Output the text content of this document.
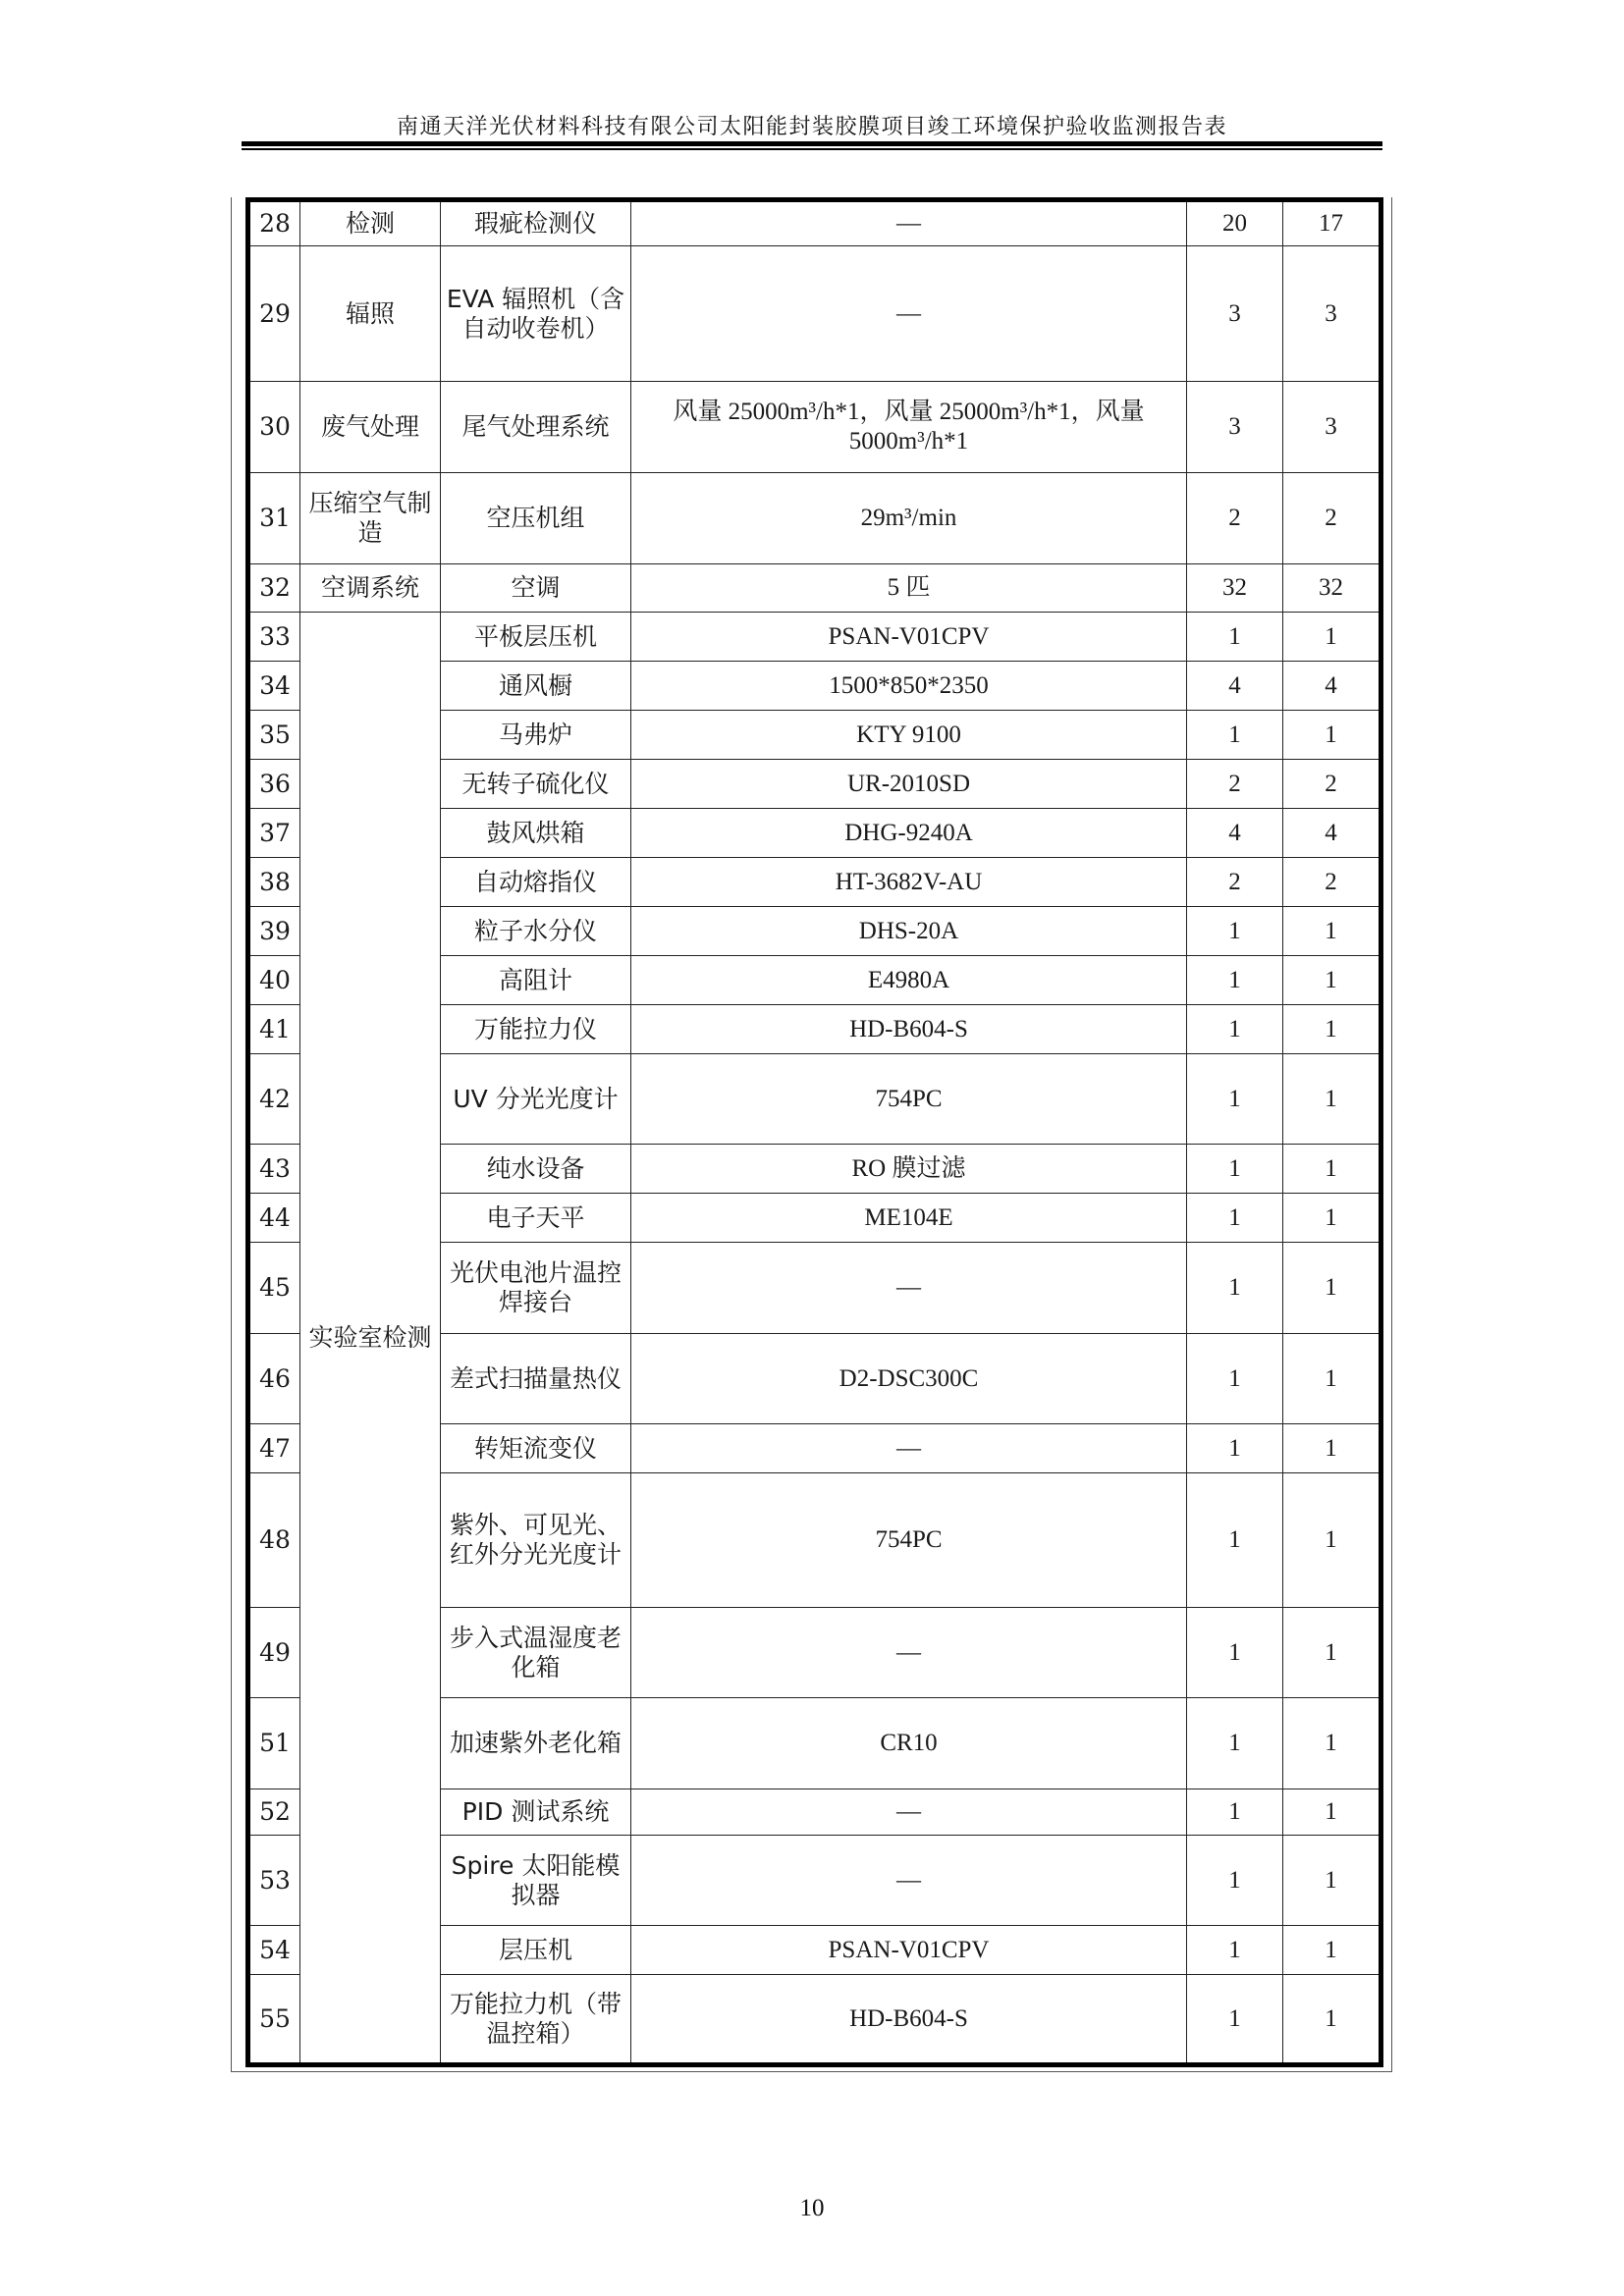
南通天洋光伏材料科技有限公司太阳能封装胶膜项目竣工环境保护验收监测报告表
28	检测	瑕疵检测仪	—	20	17
29	辐照	EVA 辐照机（含自动收卷机）	—	3	3
30	废气处理	尾气处理系统	风量 25000m³/h*1，风量 25000m³/h*1，风量 5000m³/h*1	3	3
31	压缩空气制造	空压机组	29m³/min	2	2
32	空调系统	空调	5 匹	32	32
33	实验室检测	平板层压机	PSAN-V01CPV	1	1
34		通风橱	1500*850*2350	4	4
35		马弗炉	KTY 9100	1	1
36		无转子硫化仪	UR-2010SD	2	2
37		鼓风烘箱	DHG-9240A	4	4
38		自动熔指仪	HT-3682V-AU	2	2
39		粒子水分仪	DHS-20A	1	1
40		高阻计	E4980A	1	1
41		万能拉力仪	HD-B604-S	1	1
42		UV 分光光度计	754PC	1	1
43		纯水设备	RO 膜过滤	1	1
44		电子天平	ME104E	1	1
45		光伏电池片温控焊接台	—	1	1
46		差式扫描量热仪	D2-DSC300C	1	1
47		转矩流变仪	—	1	1
48		紫外、可见光、红外分光光度计	754PC	1	1
49		步入式温湿度老化箱	—	1	1
51		加速紫外老化箱	CR10	1	1
52		PID 测试系统	—	1	1
53		Spire 太阳能模拟器	—	1	1
54		层压机	PSAN-V01CPV	1	1
55		万能拉力机（带温控箱）	HD-B604-S	1	1
10
